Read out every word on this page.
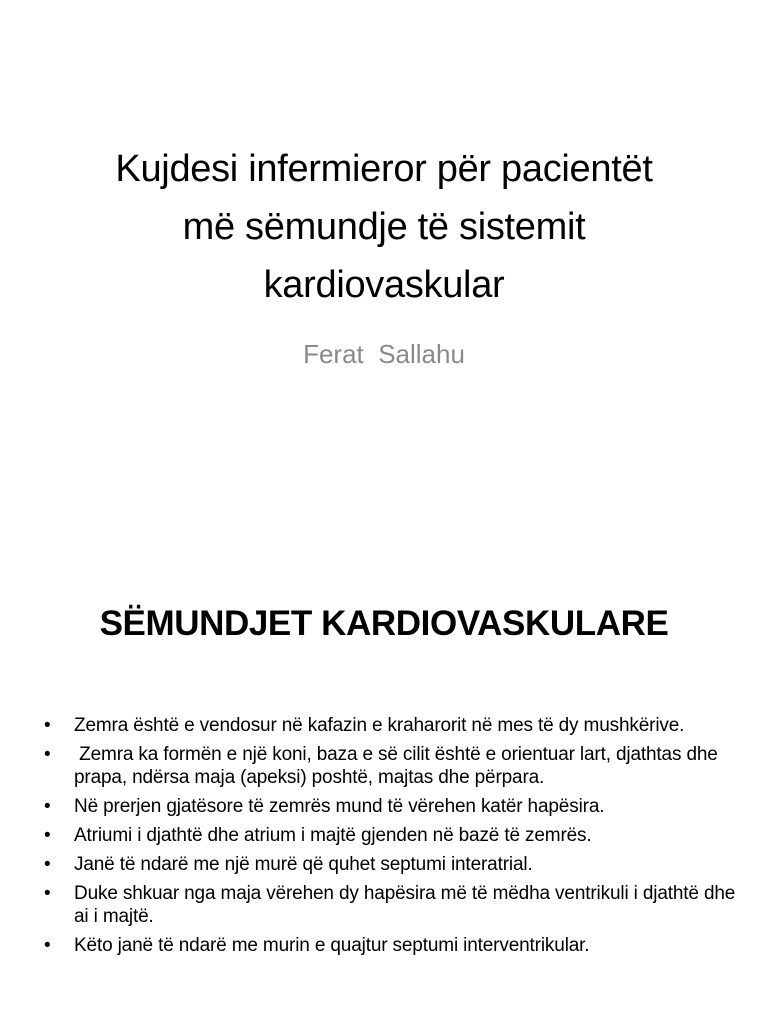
Kujdesi infermieror për pacientët
më sëmundje të sistemit
kardiovaskular
Ferat  Sallahu
SËMUNDJET KARDIOVASKULARE
• Zemra është e vendosur në kafazin e kraharorit në mes të dy mushkërive.
• Zemra ka formën e një koni, baza e së cilit është e orientuar lart, djathtas dhe prapa, ndërsa maja (apeksi) poshtë, majtas dhe përpara.
• Në prerjen gjatësore të zemrës mund të vërehen katër hapësira.
• Atriumi i djathtë dhe atrium i majtë gjenden në bazë të zemrës.
• Janë të ndarë me një murë që quhet septumi interatrial.
• Duke shkuar nga maja vërehen dy hapësira më të mëdha ventrikuli i djathtë dhe ai i majtë.
• Këto janë të ndarë me murin e quajtur septumi interventrikular.
